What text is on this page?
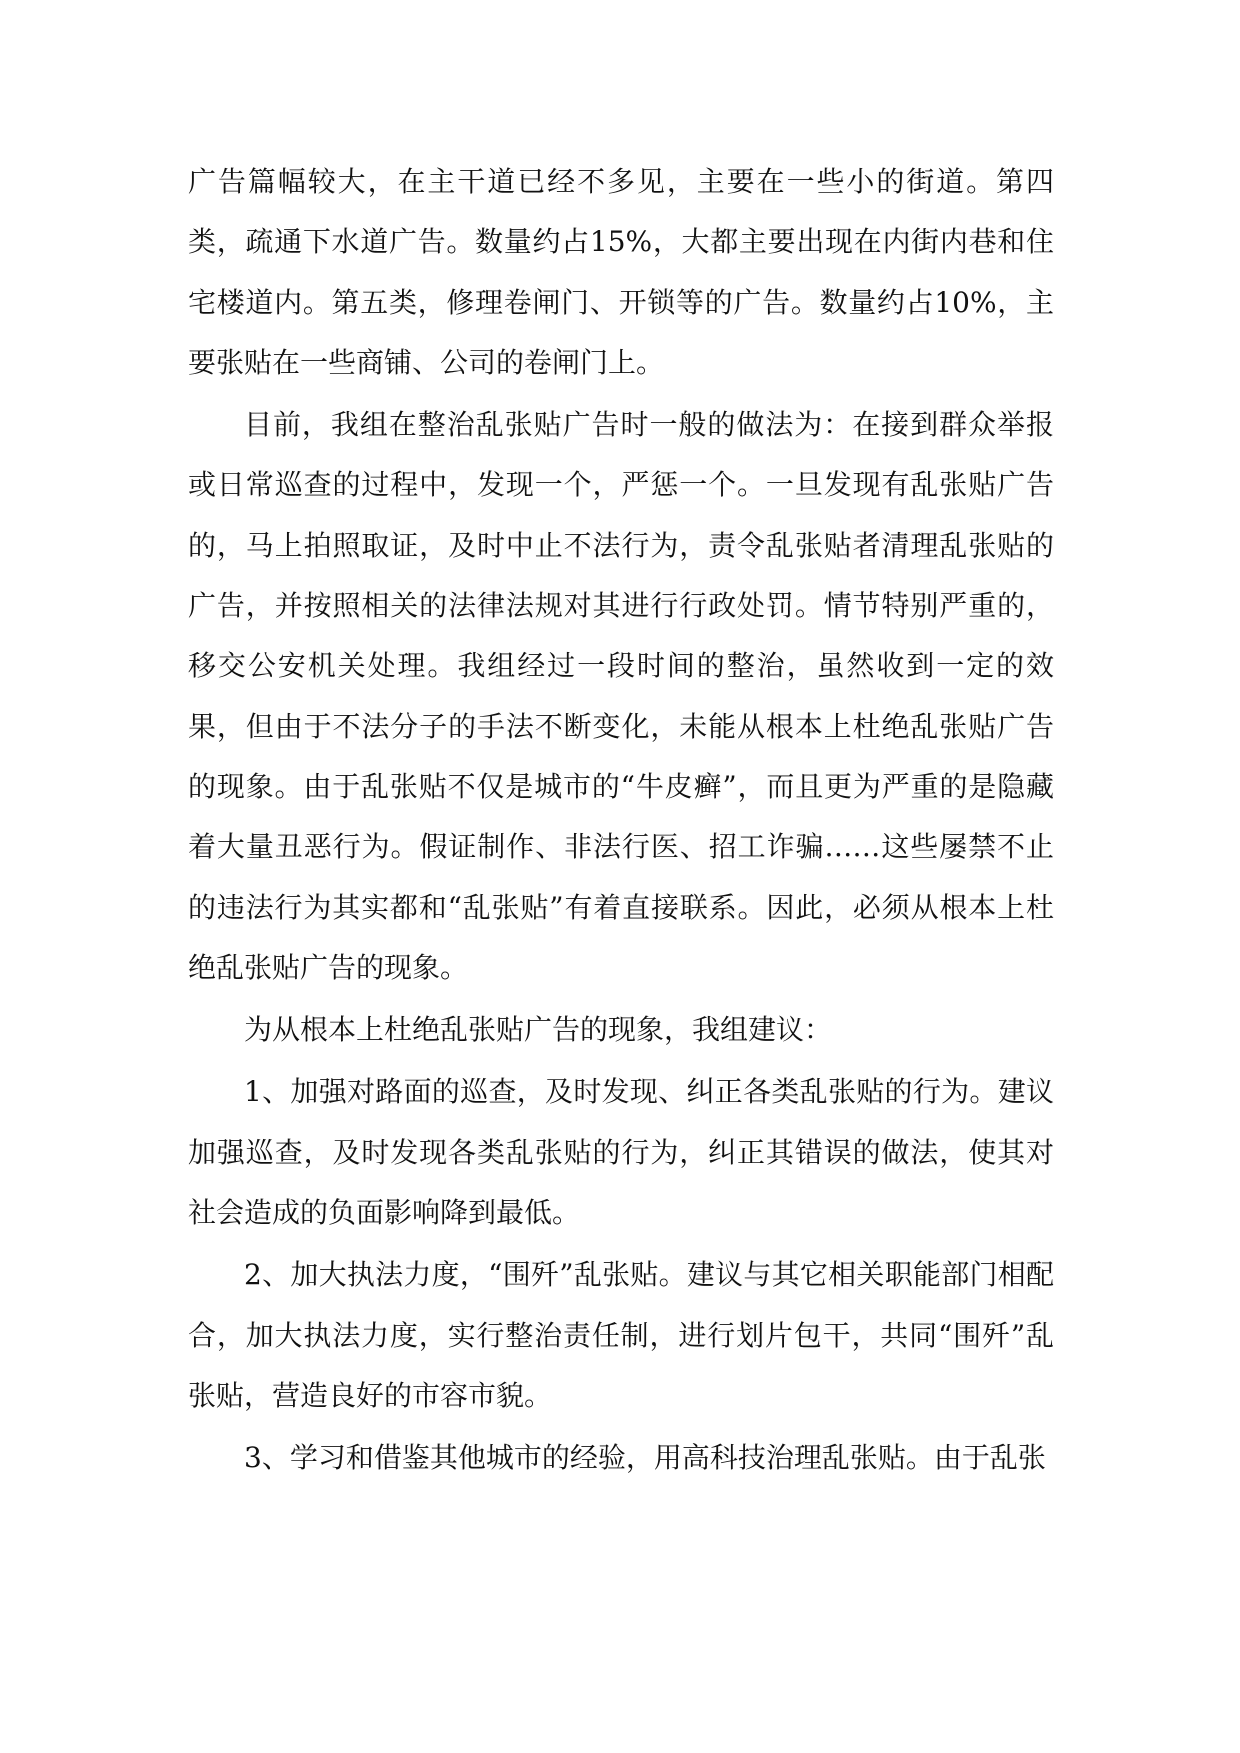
广告篇幅较大，在主干道已经不多见，主要在一些小的街道。第四类，疏通下水道广告。数量约占15%，大都主要出现在内街内巷和住宅楼道内。第五类，修理卷闸门、开锁等的广告。数量约占10%，主要张贴在一些商铺、公司的卷闸门上。

目前，我组在整治乱张贴广告时一般的做法为：在接到群众举报或日常巡查的过程中，发现一个，严惩一个。一旦发现有乱张贴广告的，马上拍照取证，及时中止不法行为，责令乱张贴者清理乱张贴的广告，并按照相关的法律法规对其进行行政处罚。情节特别严重的，移交公安机关处理。我组经过一段时间的整治，虽然收到一定的效果，但由于不法分子的手法不断变化，未能从根本上杜绝乱张贴广告的现象。由于乱张贴不仅是城市的“牛皮癣”，而且更为严重的是隐藏着大量丑恶行为。假证制作、非法行医、招工诈骗……这些屡禁不止的违法行为其实都和“乱张贴”有着直接联系。因此，必须从根本上杜绝乱张贴广告的现象。

为从根本上杜绝乱张贴广告的现象，我组建议：

1、加强对路面的巡查，及时发现、纠正各类乱张贴的行为。建议加强巡查，及时发现各类乱张贴的行为，纠正其错误的做法，使其对社会造成的负面影响降到最低。

2、加大执法力度，“围歼”乱张贴。建议与其它相关职能部门相配合，加大执法力度，实行整治责任制，进行划片包干，共同“围歼”乱张贴，营造良好的市容市貌。

3、学习和借鉴其他城市的经验，用高科技治理乱张贴。由于乱张
